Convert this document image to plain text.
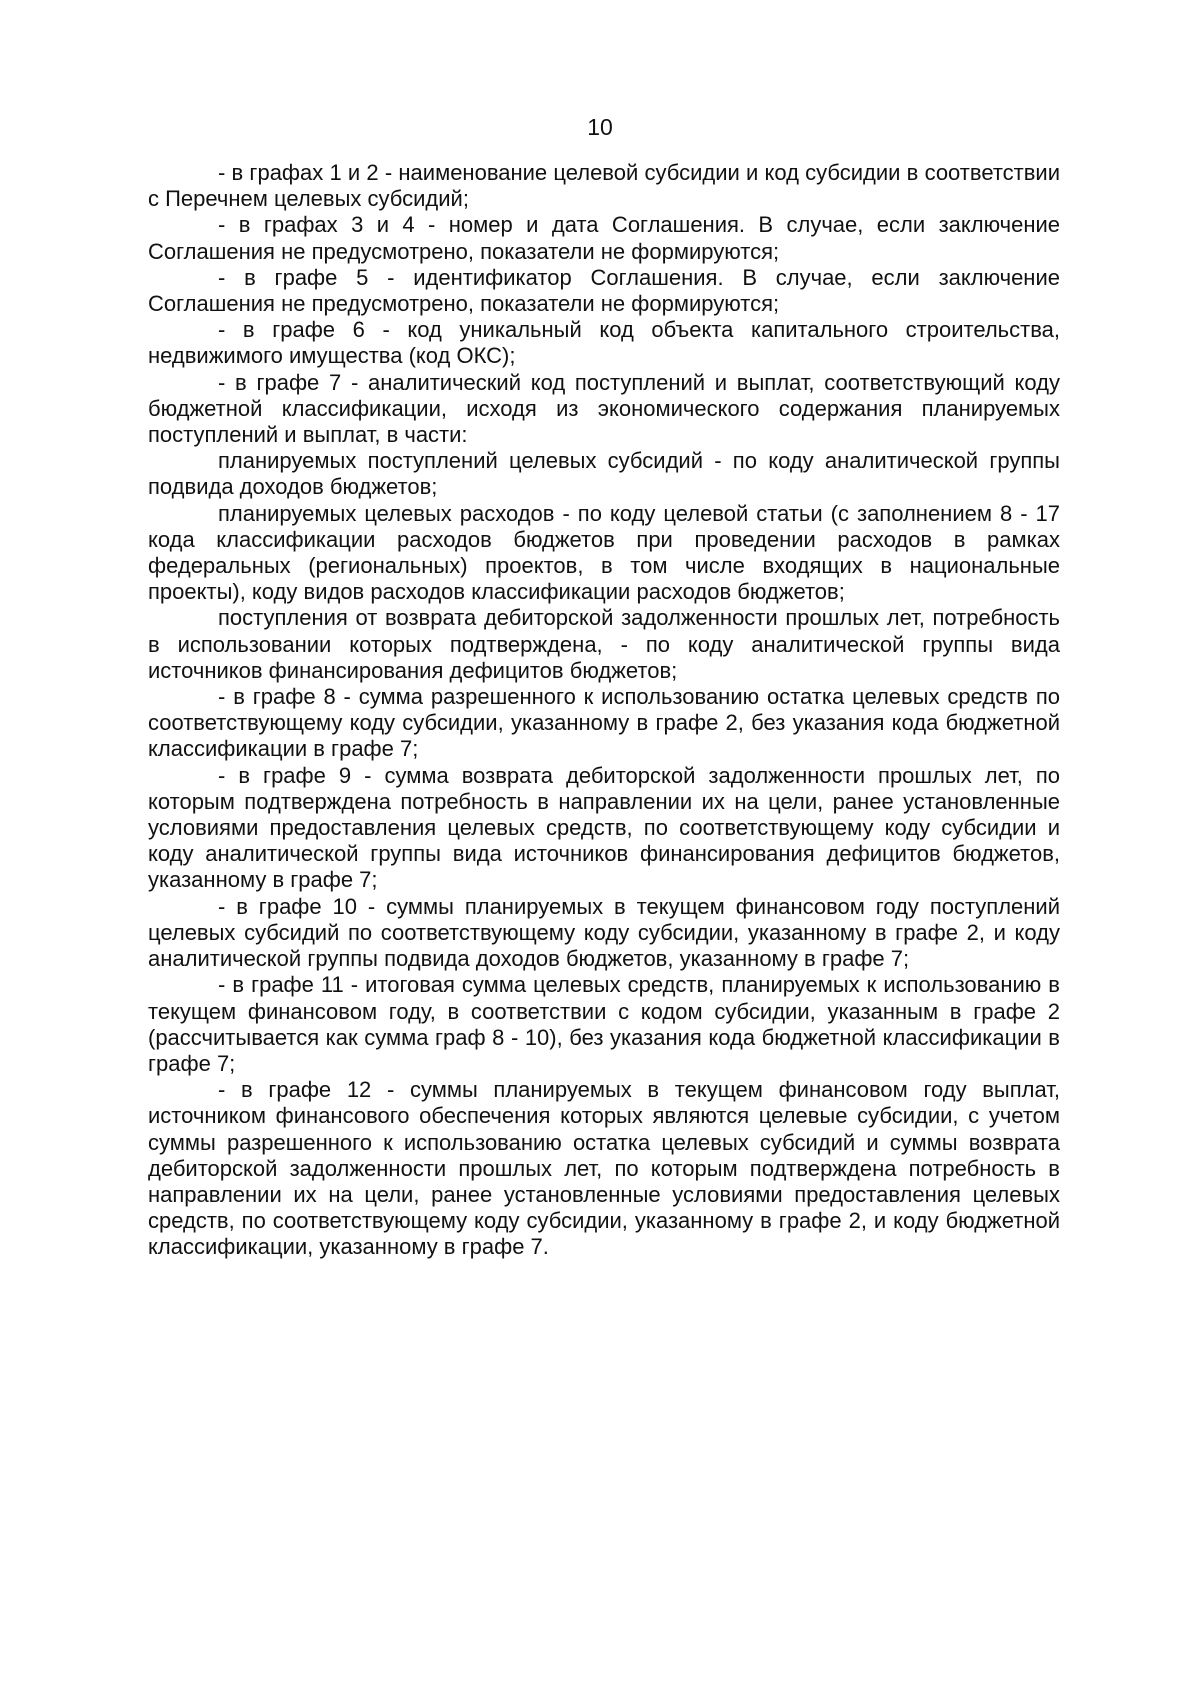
10

- в графах 1 и 2 - наименование целевой субсидии и код субсидии в соответствии с Перечнем целевых субсидий;

- в графах 3 и 4 - номер и дата Соглашения. В случае, если заключение Соглашения не предусмотрено, показатели не формируются;

- в графе 5 - идентификатор Соглашения. В случае, если заключение Соглашения не предусмотрено, показатели не формируются;

- в графе 6 - код уникальный код объекта капитального строительства, недвижимого имущества (код ОКС);

- в графе 7 - аналитический код поступлений и выплат, соответствующий коду бюджетной классификации, исходя из экономического содержания планируемых поступлений и выплат, в части:

планируемых поступлений целевых субсидий - по коду аналитической группы подвида доходов бюджетов;

планируемых целевых расходов - по коду целевой статьи (с заполнением 8 - 17 кода классификации расходов бюджетов при проведении расходов в рамках федеральных (региональных) проектов, в том числе входящих в национальные проекты), коду видов расходов классификации расходов бюджетов;

поступления от возврата дебиторской задолженности прошлых лет, потребность в использовании которых подтверждена, - по коду аналитической группы вида источников финансирования дефицитов бюджетов;

- в графе 8 - сумма разрешенного к использованию остатка целевых средств по соответствующему коду субсидии, указанному в графе 2, без указания кода бюджетной классификации в графе 7;

- в графе 9 - сумма возврата дебиторской задолженности прошлых лет, по которым подтверждена потребность в направлении их на цели, ранее установленные условиями предоставления целевых средств, по соответствующему коду субсидии и коду аналитической группы вида источников финансирования дефицитов бюджетов, указанному в графе 7;

- в графе 10 - суммы планируемых в текущем финансовом году поступлений целевых субсидий по соответствующему коду субсидии, указанному в графе 2, и коду аналитической группы подвида доходов бюджетов, указанному в графе 7;

- в графе 11 - итоговая сумма целевых средств, планируемых к использованию в текущем финансовом году, в соответствии с кодом субсидии, указанным в графе 2 (рассчитывается как сумма граф 8 - 10), без указания кода бюджетной классификации в графе 7;

- в графе 12 - суммы планируемых в текущем финансовом году выплат, источником финансового обеспечения которых являются целевые субсидии, с учетом суммы разрешенного к использованию остатка целевых субсидий и суммы возврата дебиторской задолженности прошлых лет, по которым подтверждена потребность в направлении их на цели, ранее установленные условиями предоставления целевых средств, по соответствующему коду субсидии, указанному в графе 2, и коду бюджетной классификации, указанному в графе 7.
